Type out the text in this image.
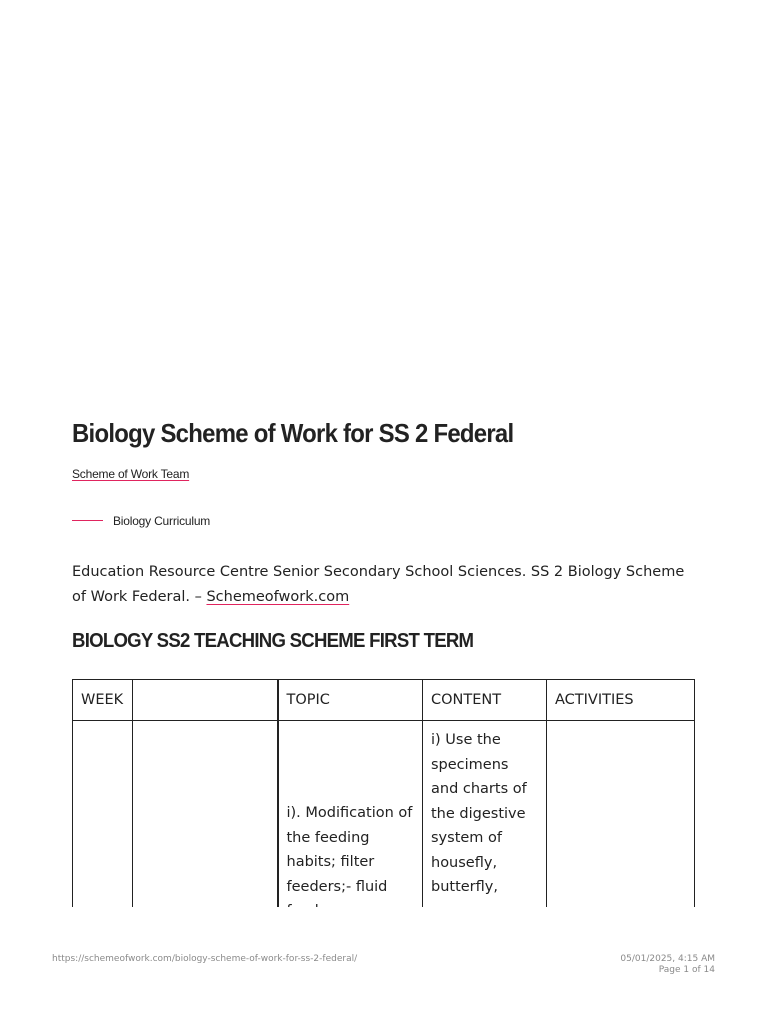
Biology Scheme of Work for SS 2 Federal
Scheme of Work Team
Biology Curriculum

Education Resource Centre Senior Secondary School Sciences. SS 2 Biology Scheme of Work Federal. – Schemeofwork.com

BIOLOGY SS2 TEACHING SCHEME FIRST TERM
WEEK		TOPIC	CONTENT	ACTIVITIES
		i). Modification of the feeding habits; filter feeders;- fluid	i) Use the specimens and charts of the digestive system of housefly, butterfly,	
https://schemeofwork.com/biology-scheme-of-work-for-ss-2-federal/	05/01/2025, 4:15 AM
Page 1 of 14
